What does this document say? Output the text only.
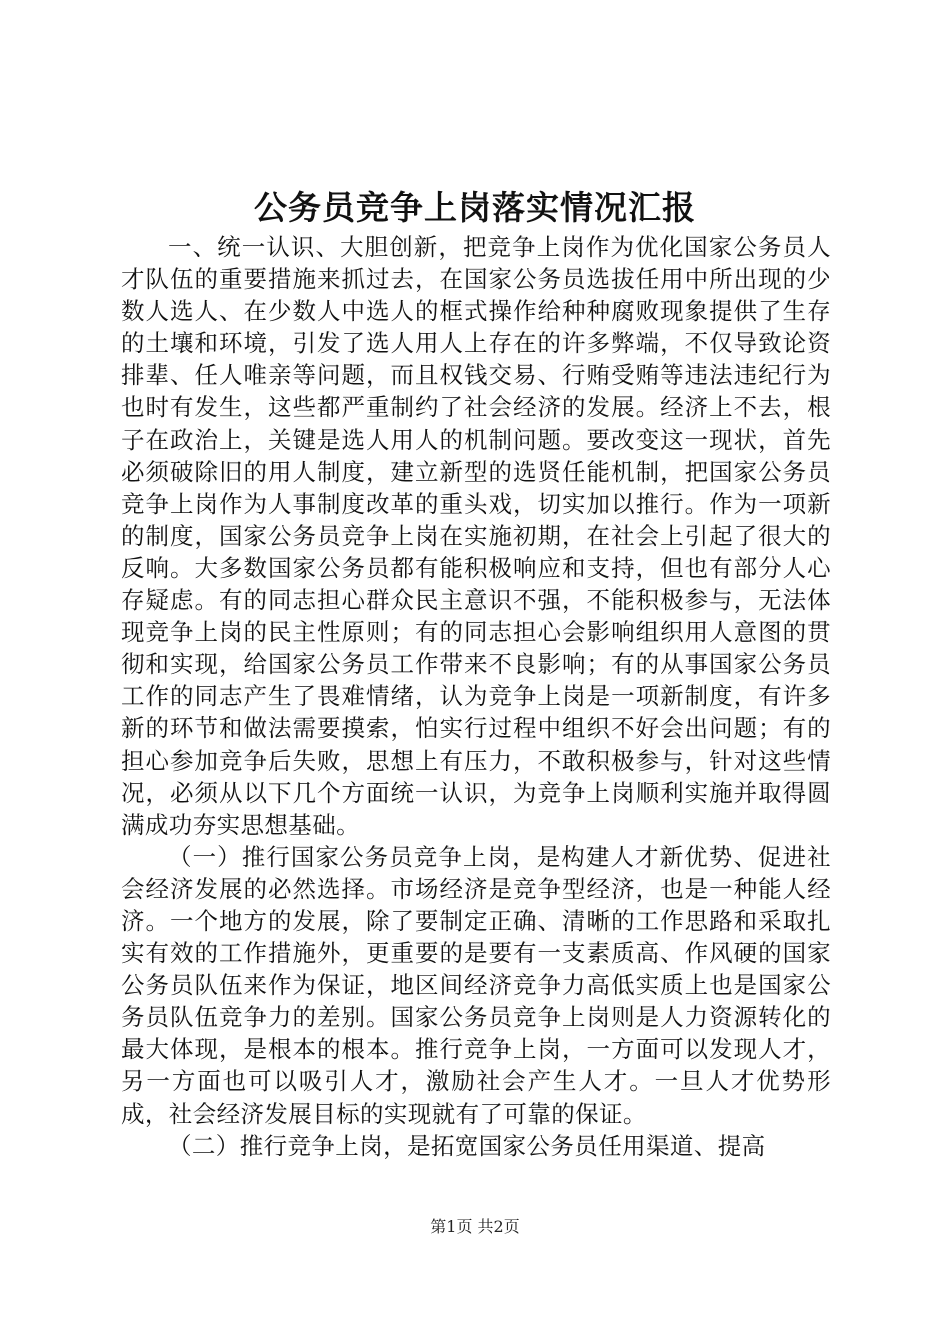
公务员竞争上岗落实情况汇报

一、统一认识、大胆创新，把竞争上岗作为优化国家公务员人才队伍的重要措施来抓过去，在国家公务员选拔任用中所出现的少数人选人、在少数人中选人的框式操作给种种腐败现象提供了生存的土壤和环境，引发了选人用人上存在的许多弊端，不仅导致论资排辈、任人唯亲等问题，而且权钱交易、行贿受贿等违法违纪行为也时有发生，这些都严重制约了社会经济的发展。经济上不去，根子在政治上，关键是选人用人的机制问题。要改变这一现状，首先必须破除旧的用人制度，建立新型的选贤任能机制，把国家公务员竞争上岗作为人事制度改革的重头戏，切实加以推行。作为一项新的制度，国家公务员竞争上岗在实施初期，在社会上引起了很大的反响。大多数国家公务员都有能积极响应和支持，但也有部分人心存疑虑。有的同志担心群众民主意识不强，不能积极参与，无法体现竞争上岗的民主性原则；有的同志担心会影响组织用人意图的贯彻和实现，给国家公务员工作带来不良影响；有的从事国家公务员工作的同志产生了畏难情绪，认为竞争上岗是一项新制度，有许多新的环节和做法需要摸索，怕实行过程中组织不好会出问题；有的担心参加竞争后失败，思想上有压力，不敢积极参与，针对这些情况，必须从以下几个方面统一认识，为竞争上岗顺利实施并取得圆满成功夯实思想基础。

（一）推行国家公务员竞争上岗，是构建人才新优势、促进社会经济发展的必然选择。市场经济是竞争型经济，也是一种能人经济。一个地方的发展，除了要制定正确、清晰的工作思路和采取扎实有效的工作措施外，更重要的是要有一支素质高、作风硬的国家公务员队伍来作为保证，地区间经济竞争力高低实质上也是国家公务员队伍竞争力的差别。国家公务员竞争上岗则是人力资源转化的最大体现，是根本的根本。推行竞争上岗，一方面可以发现人才，另一方面也可以吸引人才，激励社会产生人才。一旦人才优势形成，社会经济发展目标的实现就有了可靠的保证。

（二）推行竞争上岗，是拓宽国家公务员任用渠道、提高

第1页 共2页
